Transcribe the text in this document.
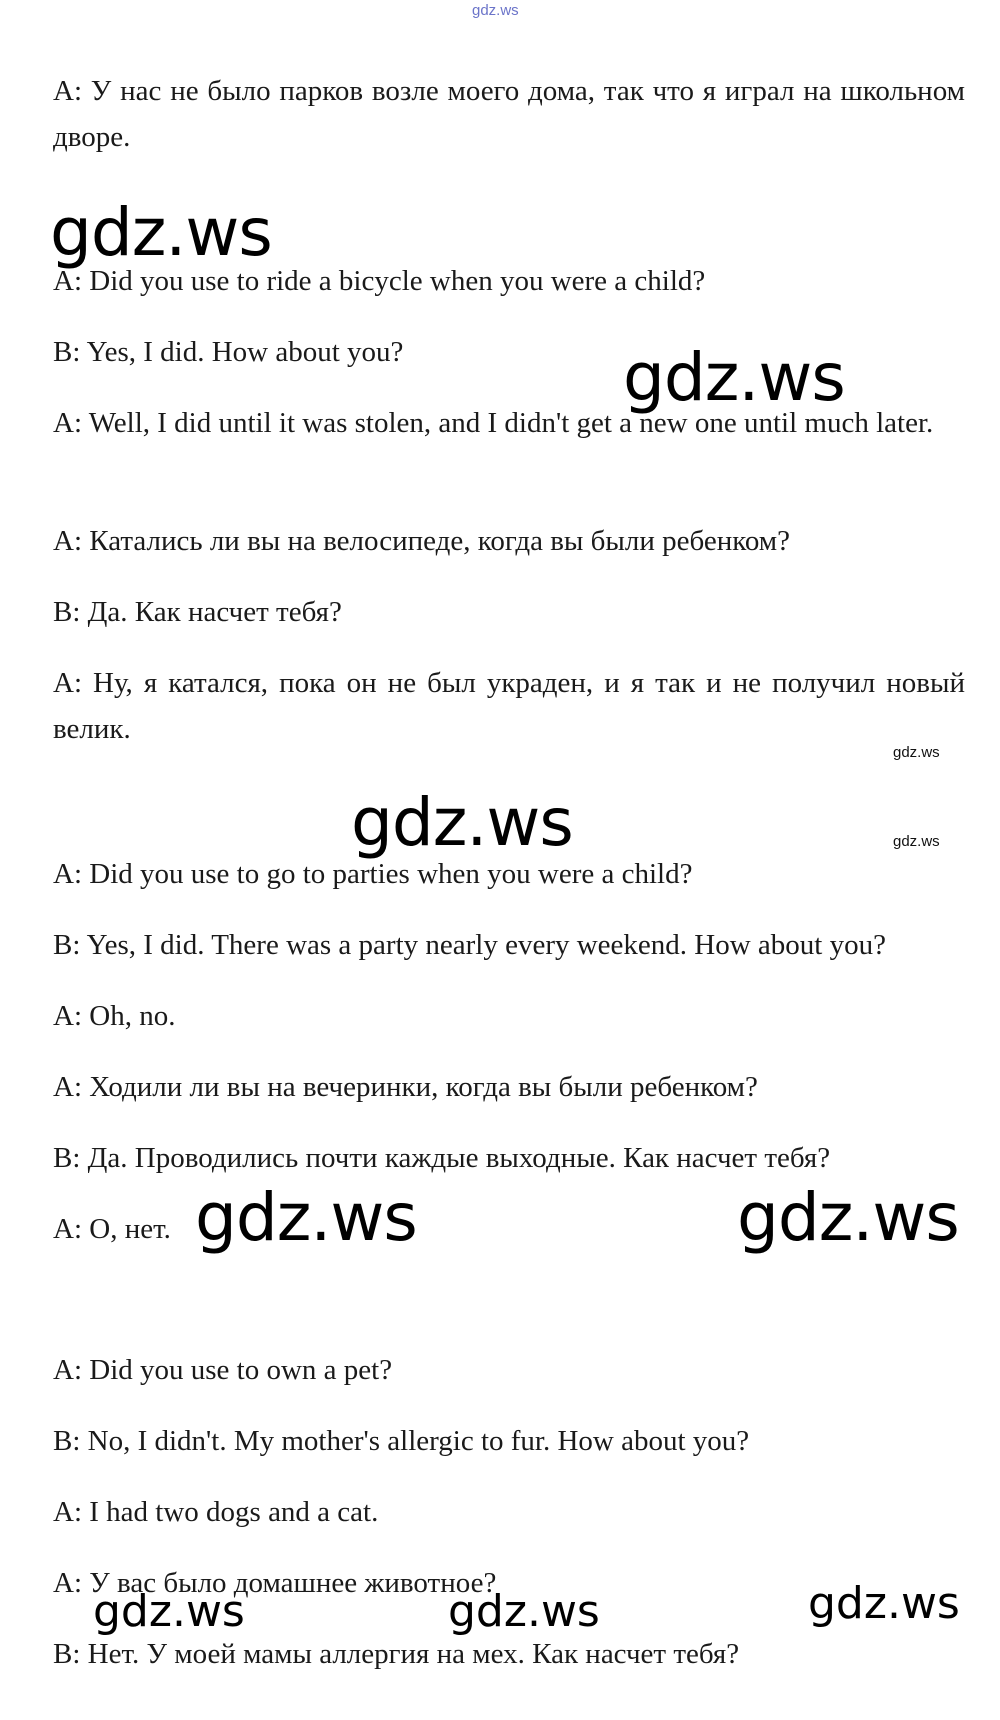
gdz.ws
А: У нас не было парков возле моего дома, так что я играл на школьном дворе.
gdz.ws
A: Did you use to ride a bicycle when you were a child?
B: Yes, I did. How about you?	gdz.ws
A: Well, I did until it was stolen, and I didn't get a new one until much later.
А: Катались ли вы на велосипеде, когда вы были ребенком?
В: Да. Как насчет тебя?
А: Ну, я катался, пока он не был украден, и я так и не получил новый велик.
gdz.ws
gdz.ws	gdz.ws
A: Did you use to go to parties when you were a child?
B: Yes, I did. There was a party nearly every weekend. How about you?
A: Oh, no.
А: Ходили ли вы на вечеринки, когда вы были ребенком?
В: Да. Проводились почти каждые выходные. Как насчет тебя?
А: О, нет. gdz.ws	gdz.ws
A: Did you use to own a pet?
B: No, I didn't. My mother's allergic to fur. How about you?
A: I had two dogs and a cat.
А: У вас было домашнее животное?
gdz.ws	gdz.ws	gdz.ws
В: Нет. У моей мамы аллергия на мех. Как насчет тебя?
